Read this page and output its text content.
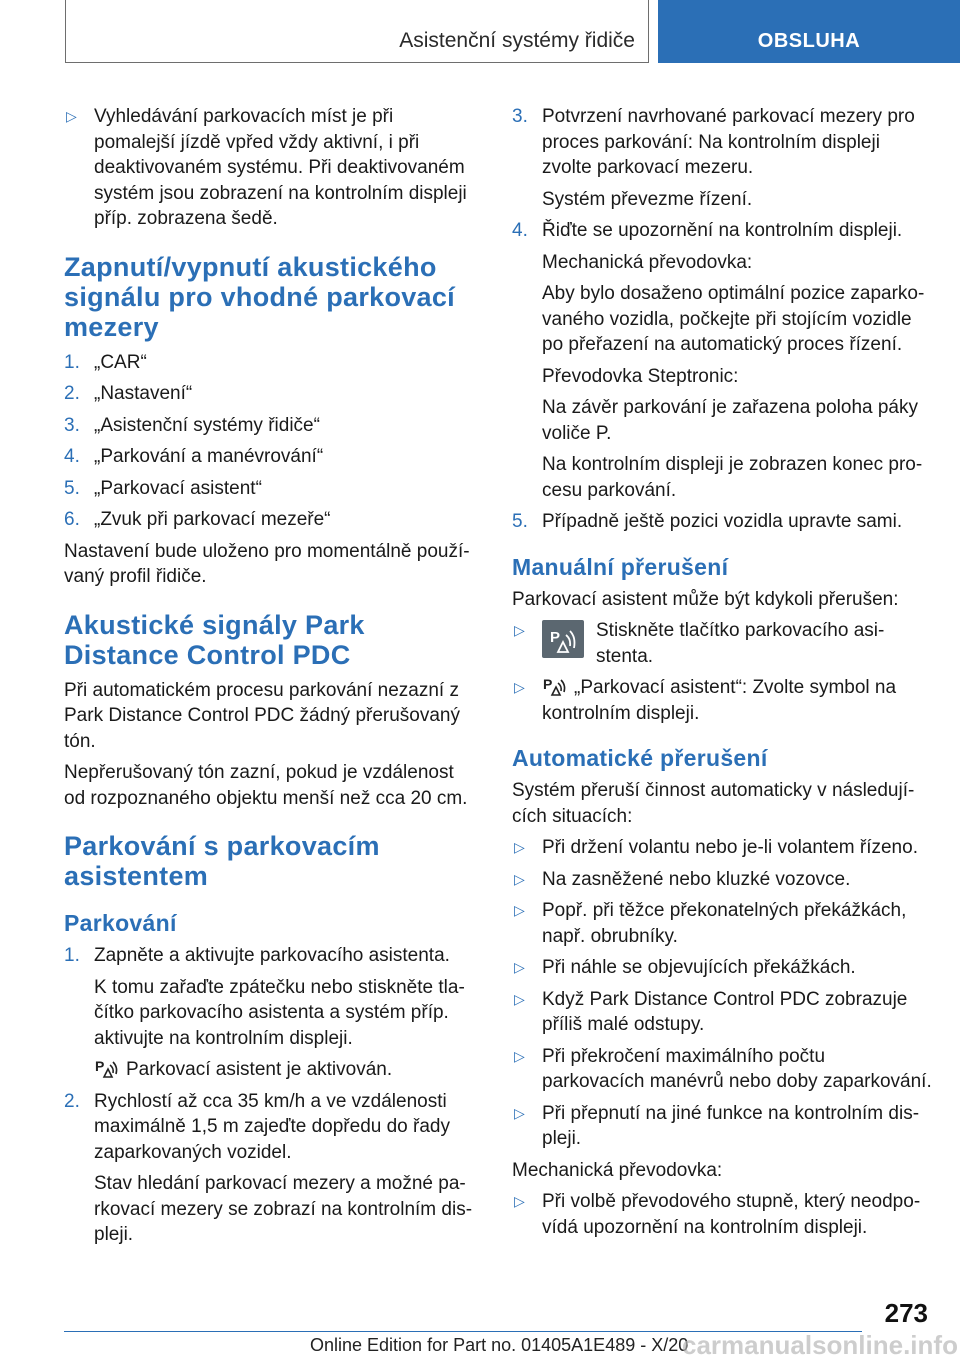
Asistenční systémy řidiče	OBSLUHA
▷ Vyhledávání parkovacích míst je při pomalejší jízdě vpřed vždy aktivní, i při deaktivovaném systému. Při deaktivovaném systém jsou zobrazení na kontrolním displeji příp. zobrazena šedě.
Zapnutí/vypnutí akustického signálu pro vhodné parkovací mezery
1. „CAR“
2. „Nastavení“
3. „Asistenční systémy řidiče“
4. „Parkování a manévrování“
5. „Parkovací asistent“
6. „Zvuk při parkovací mezeře“

Nastavení bude uloženo pro momentálně používaný profil řidiče.

Akustické signály Park Distance Control PDC

Při automatickém procesu parkování nezazní z Park Distance Control PDC žádný přerušovaný tón.

Nepřerušovaný tón zazní, pokud je vzdálenost od rozpoznaného objektu menší než cca 20 cm.

Parkování s parkovacím asistentem
Parkování
1. Zapněte a aktivujte parkovacího asistenta.
K tomu zařaďte zpátečku nebo stiskněte tlačítko parkovacího asistenta a systém příp. aktivujte na kontrolním displeji.
P Parkovací asistent je aktivován.
2. Rychlostí až cca 35 km/h a ve vzdálenosti maximálně 1,5 m zajeďte dopředu do řady zaparkovaných vozidel.
Stav hledání parkovací mezery a možné parkovací mezery se zobrazí na kontrolním displeji.
3. Potvrzení navrhované parkovací mezery pro proces parkování: Na kontrolním displeji zvolte parkovací mezeru.
Systém převezme řízení.
4. Řiďte se upozornění na kontrolním displeji.
Mechanická převodovka:
Aby bylo dosaženo optimální pozice zaparkovaného vozidla, počkejte při stojícím vozidle po přeřazení na automatický proces řízení.
Převodovka Steptronic:
Na závěr parkování je zařazena poloha páky voliče P.
Na kontrolním displeji je zobrazen konec procesu parkování.
5. Případně ještě pozici vozidla upravte sami.
Manuální přerušení

Parkovací asistent může být kdykoli přerušen:

▷	P Stiskněte tlačítko parkovacího asistenta.
▷	P „Parkovací asistent“: Zvolte symbol na kontrolním displeji.
Automatické přerušení

Systém přeruší činnost automaticky v následujících situacích:

▷ Při držení volantu nebo je-li volantem řízeno.
▷ Na zasněžené nebo kluzké vozovce.
▷ Popř. při těžce překonatelných překážkách, např. obrubníky.
▷ Při náhle se objevujících překážkách.
▷ Když Park Distance Control PDC zobrazuje příliš malé odstupy.
▷ Při překročení maximálního počtu parkovacích manévrů nebo doby zaparkování.
▷ Při přepnutí na jiné funkce na kontrolním displeji.

Mechanická převodovka:

▷ Při volbě převodového stupně, který neodpovídá upozornění na kontrolním displeji.
273
Online Edition for Part no. 01405A1E489 - X/20
carmanualsonline.info
